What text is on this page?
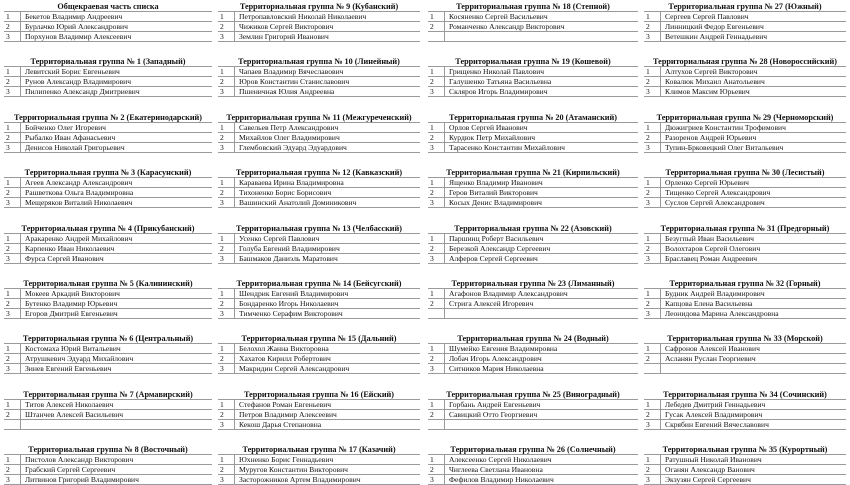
Общекраевая часть списка
1	Бекетов Владимир Андреевич
2	Бурлачко Юрий Александрович
3	Порхунов Владимир Алексеевич
Территориальная группа № 1 (Западный)
1	Левитский Борис Евгеньевич
2	Рунов Александр Владимирович
3	Пилипенко Александр Дмитриевич
Территориальная группа № 2 (Екатеринодарский)
1	Бойченко Олег Игоревич
2	Рыбалко Иван Афанасьевич
3	Денисов Николай Григорьевич
Территориальная группа № 3 (Карасунский)
1	Агеев Александр Александрович
2	Рашветкова Ольга Владимировна
3	Мещеряков Виталий Николаевич
Территориальная группа № 4 (Прикубанский)
1	Аракаренко Андрей Михайлович
2	Карпенко Иван Николаевич
3	Фурса Сергей Иванович
Территориальная группа № 5 (Калининский)
1	Мокеев Аркадий Викторович
2	Бутенко Владимир Юрьевич
3	Егоров Дмитрий Евгеньевич
Территориальная группа № 6 (Центральный)
1	Костомаха Юрий Витальевич
2	Атрушкевич Эдуард Михайлович
3	Зинев Евгений Евгеньевич
Территориальная группа № 7 (Армавирский)
1	Титов Алексей Николаевич
2	Штанчев Алексей Васильевич
Территориальная группа № 8 (Восточный)
1	Пистолов Александр Викторович
2	Грабский Сергей Сергеевич
3	Литвинов Григорий Владимирович
Территориальная группа № 9 (Кубанский)
1	Петропавловский Николай Николаевич
2	Чижиков Сергей Викторович
3	Землин Григорий Иванович
Территориальная группа № 10 (Линейный)
1	Чапаев Владимир Вячеславович
2	Юров Константин Станиславович
3	Пшеничная Юлия Андреевна
Территориальная группа № 11 (Межгуреченский)
1	Савельев Петр Александрович
2	Михайлов Олег Владимирович
3	Глембовский Эдуард Эдуардович
Территориальная группа № 12 (Кавказский)
1	Караваева Ирина Владимировна
2	Тихоненко Борис Борисович
3	Вашинский Анатолий Доминикович
Территориальная группа № 13 (Челбасский)
1	Усенко Сергей Павлович
2	Голуба Евгений Владимирович
3	Башмаков Даниэль Маратович
Территориальная группа № 14 (Бейсугский)
1	Шендрик Евгений Владимирович
2	Бондаренко Игорь Николаевич
3	Тимченко Серафим Викторович
Территориальная группа № 15 (Дальний)
1	Белохол Жанна Викторовна
2	Хахатов Кирилл Робертович
3	Макридин Сергей Александрович
Территориальная группа № 16 (Ейский)
1	Стефанов Роман Евгеньевич
2	Петров Владимир Алексеевич
3	Кекош Дарья Степановна
Территориальная группа № 17 (Казачий)
1	Юхненко Борис Геннадьевич
2	Муругов Константин Викторович
3	Засторожников Артем Владимирович
Территориальная группа № 18 (Степной)
1	Косяненко Сергей Васильевич
2	Романченко Александр Викторович
Территориальная группа № 19 (Кошевой)
1	Грищенко Николай Павлович
2	Галушенко Татьяна Васильевна
3	Скляров Игорь Владимирович
Территориальная группа № 20 (Атаманский)
1	Орлов Сергей Иванович
2	Курдюк Петр Михайлович
3	Тарасенко Константин Михайлович
Территориальная группа № 21 (Кирпильский)
1	Ященко Владимир Иванович
2	Геров Виталий Викторович
3	Косых Денис Владимирович
Территориальная группа № 22 (Азовский)
1	Паршинц Роберт Васильевич
2	Березкой Александр Сергеевич
3	Алферов Сергей Сергеевич
Территориальная группа № 23 (Лиманный)
1	Агафонов Владимир Александрович
2	Стрига Алексей Игоревич
Территориальная группа № 24 (Водный)
1	Шумейко Евгения Владимировна
2	Лобач Игорь Александрович
3	Ситников Мария Николаевна
Территориальная группа № 25 (Виноградный)
1	Горбань Андрей Евгеньевич
2	Савицкий Отто Георгиевич
Территориальная группа № 26 (Солнечный)
1	Алексеенко Сергей Николаевич
2	Чиглеева Светлана Ивановна
3	Фефилов Владимир Николаевич
Территориальная группа № 27 (Южный)
1	Сергеев Сергей Павлович
2	Линницкий Федор Евгеньевич
3	Ветешкин Андрей Геннадьевич
Территориальная группа № 28 (Новороссийский)
1	Алтухов Сергей Викторович
2	Ковалюк Михаил Анатольевич
3	Климов Максим Юрьевич
Территориальная группа № 29 (Черноморский)
1	Дюжигриев Константин Трофимович
2	Разоренов Андрей Юрьевич
3	Тупин-Брковецкий Олег Витальевич
Территориальная группа № 30 (Лесистый)
1	Орленко Сергей Юрьевич
2	Тищенко Сергей Александрович
3	Суслов Сергей Александрович
Территориальная группа № 31 (Предгорный)
1	Безугпый Иван Васильевич
2	Волохтаров Сергей Олегович
3	Браславец Роман Андреевич
Территориальная группа № 32 (Горный)
1	Будник Андрей Владимирович
2	Капцова Елена Васильевна
3	Леонидова Марина Александровна
Территориальная группа № 33 (Морской)
1	Сафронов Алексей Иванович
2	Асланян Руслан Георгиевич
Территориальная группа № 34 (Сочинский)
1	Лебедев Дмитрий Геннадьевич
2	Гусак Алексей Владимирович
3	Скрябин Евгений Вячеславович
Территориальная группа № 35 (Курортный)
1	Ратушный Николай Иванович
2	Оганян Александр Ванович
3	Экзузян Сергей Сергеевич
